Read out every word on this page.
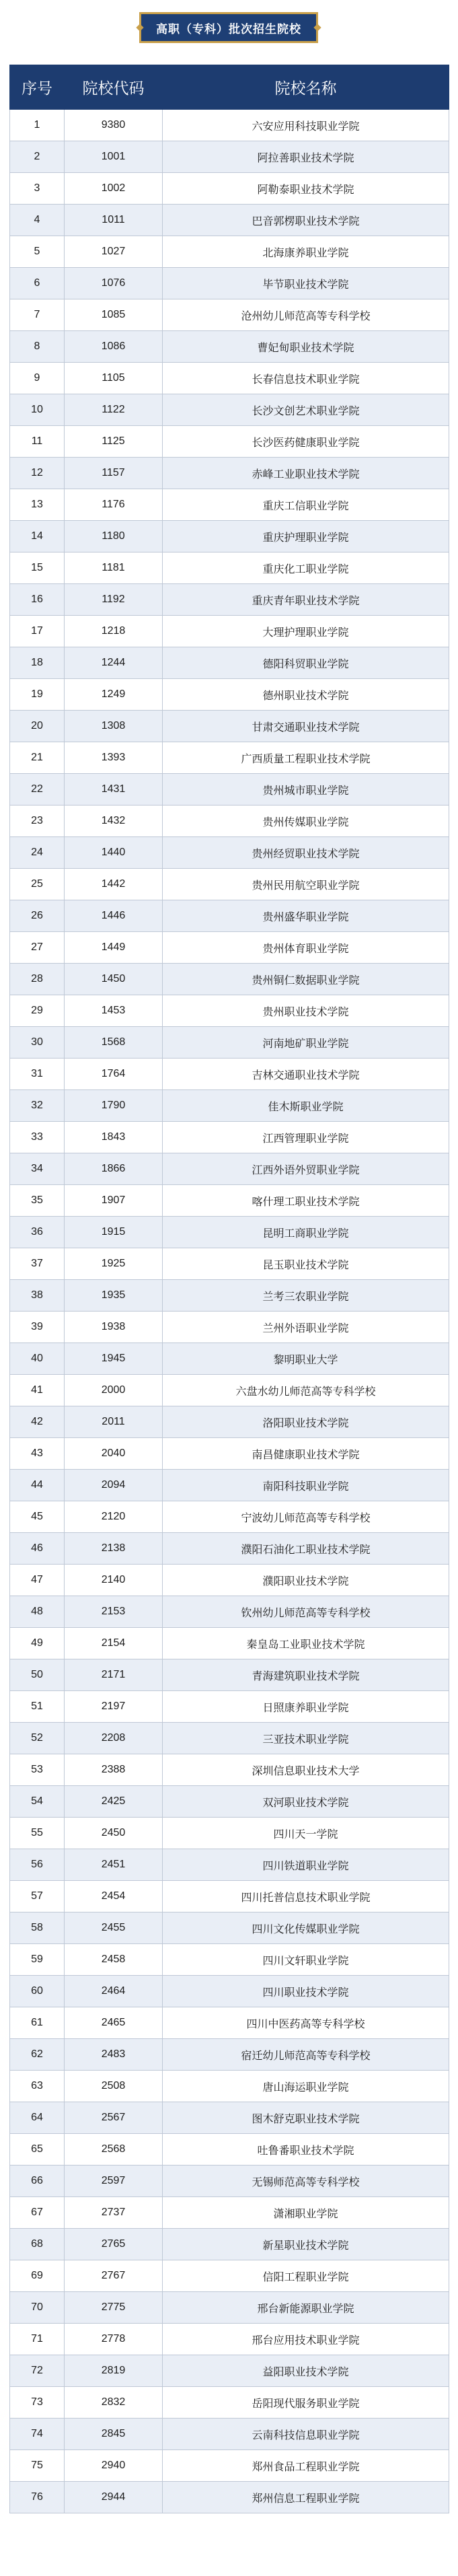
高职（专科）批次招生院校
序号	院校代码	院校名称
1	9380	六安应用科技职业学院
2	1001	阿拉善职业技术学院
3	1002	阿勒泰职业技术学院
4	1011	巴音郭楞职业技术学院
5	1027	北海康养职业学院
6	1076	毕节职业技术学院
7	1085	沧州幼儿师范高等专科学校
8	1086	曹妃甸职业技术学院
9	1105	长春信息技术职业学院
10	1122	长沙文创艺术职业学院
11	1125	长沙医药健康职业学院
12	1157	赤峰工业职业技术学院
13	1176	重庆工信职业学院
14	1180	重庆护理职业学院
15	1181	重庆化工职业学院
16	1192	重庆青年职业技术学院
17	1218	大理护理职业学院
18	1244	德阳科贸职业学院
19	1249	德州职业技术学院
20	1308	甘肃交通职业技术学院
21	1393	广西质量工程职业技术学院
22	1431	贵州城市职业学院
23	1432	贵州传媒职业学院
24	1440	贵州经贸职业技术学院
25	1442	贵州民用航空职业学院
26	1446	贵州盛华职业学院
27	1449	贵州体育职业学院
28	1450	贵州铜仁数据职业学院
29	1453	贵州职业技术学院
30	1568	河南地矿职业学院
31	1764	吉林交通职业技术学院
32	1790	佳木斯职业学院
33	1843	江西管理职业学院
34	1866	江西外语外贸职业学院
35	1907	喀什理工职业技术学院
36	1915	昆明工商职业学院
37	1925	昆玉职业技术学院
38	1935	兰考三农职业学院
39	1938	兰州外语职业学院
40	1945	黎明职业大学
41	2000	六盘水幼儿师范高等专科学校
42	2011	洛阳职业技术学院
43	2040	南昌健康职业技术学院
44	2094	南阳科技职业学院
45	2120	宁波幼儿师范高等专科学校
46	2138	濮阳石油化工职业技术学院
47	2140	濮阳职业技术学院
48	2153	钦州幼儿师范高等专科学校
49	2154	秦皇岛工业职业技术学院
50	2171	青海建筑职业技术学院
51	2197	日照康养职业学院
52	2208	三亚技术职业学院
53	2388	深圳信息职业技术大学
54	2425	双河职业技术学院
55	2450	四川天一学院
56	2451	四川铁道职业学院
57	2454	四川托普信息技术职业学院
58	2455	四川文化传媒职业学院
59	2458	四川文轩职业学院
60	2464	四川职业技术学院
61	2465	四川中医药高等专科学校
62	2483	宿迁幼儿师范高等专科学校
63	2508	唐山海运职业学院
64	2567	图木舒克职业技术学院
65	2568	吐鲁番职业技术学院
66	2597	无锡师范高等专科学校
67	2737	潇湘职业学院
68	2765	新星职业技术学院
69	2767	信阳工程职业学院
70	2775	邢台新能源职业学院
71	2778	邢台应用技术职业学院
72	2819	益阳职业技术学院
73	2832	岳阳现代服务职业学院
74	2845	云南科技信息职业学院
75	2940	郑州食品工程职业学院
76	2944	郑州信息工程职业学院
